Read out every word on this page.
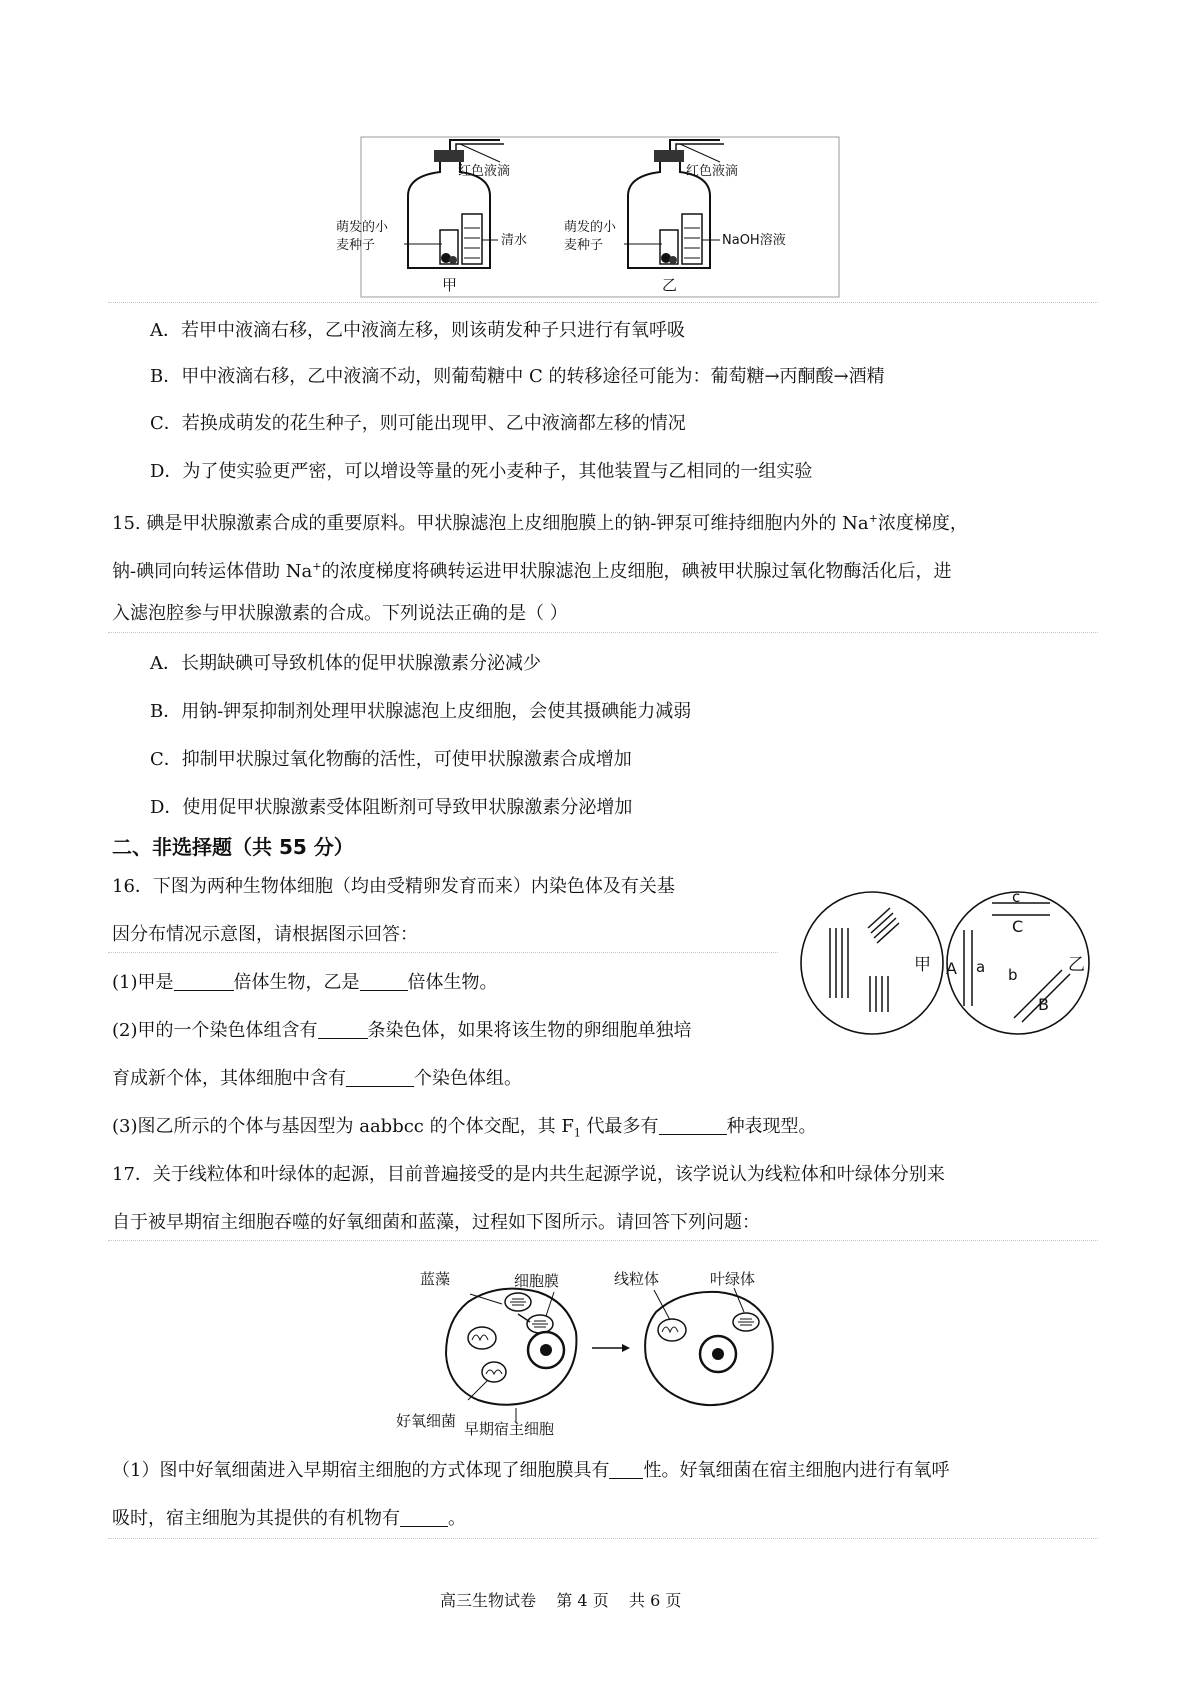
红色液滴
萌发的小
麦种子	清水
甲
红色液滴
萌发的小
麦种子	NaOH溶液
乙
A．若甲中液滴右移，乙中液滴左移，则该萌发种子只进行有氧呼吸
B．甲中液滴右移，乙中液滴不动，则葡萄糖中 C 的转移途径可能为：葡萄糖→丙酮酸→酒精
C．若换成萌发的花生种子，则可能出现甲、乙中液滴都左移的情况
D．为了使实验更严密，可以增设等量的死小麦种子，其他装置与乙相同的一组实验
15. 碘是甲状腺激素合成的重要原料。甲状腺滤泡上皮细胞膜上的钠-钾泵可维持细胞内外的 Na+浓度梯度，
钠-碘同向转运体借助 Na+的浓度梯度将碘转运进甲状腺滤泡上皮细胞，碘被甲状腺过氧化物酶活化后，进
入滤泡腔参与甲状腺激素的合成。下列说法正确的是（ ）
A．长期缺碘可导致机体的促甲状腺激素分泌减少
B．用钠-钾泵抑制剂处理甲状腺滤泡上皮细胞，会使其摄碘能力减弱
C．抑制甲状腺过氧化物酶的活性，可使甲状腺激素合成增加
D．使用促甲状腺激素受体阻断剂可导致甲状腺激素分泌增加
二、非选择题（共 55 分）
16．下图为两种生物体细胞（均由受精卵发育而来）内染色体及有关基
因分布情况示意图，请根据图示回答：
(1)甲是	倍体生物，乙是	倍体生物。
(2)甲的一个染色体组含有	条染色体，如果将该生物的卵细胞单独培
育成新个体，其体细胞中含有	个染色体组。
(3)图乙所示的个体与基因型为 aabbcc 的个体交配，其 $F_1$ 代最多有	种表现型。
甲
c
C
A a b
B
乙
17．关于线粒体和叶绿体的起源，目前普遍接受的是内共生起源学说，该学说认为线粒体和叶绿体分别来
自于被早期宿主细胞吞噬的好氧细菌和蓝藻，过程如下图所示。请回答下列问题：
蓝藻	细胞膜
好氧细菌 早期宿主细胞
线粒体	叶绿体
（1）图中好氧细菌进入早期宿主细胞的方式体现了细胞膜具有 性。好氧细菌在宿主细胞内进行有氧呼
吸时，宿主细胞为其提供的有机物有	。
高三生物试卷    第 4 页    共 6 页
